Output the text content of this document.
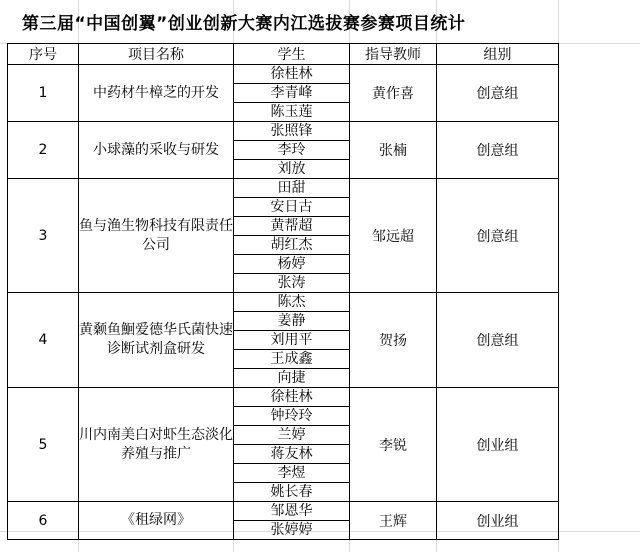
第三届“中国创翼”创业创新大赛内江选拔赛参赛项目统计
序号	项目名称	学生	指导教师	组别
1	中药材牛樟芝的开发	徐桂林	黄作喜	创意组
		李青峰		
		陈玉莲		
2	小球藻的采收与研发	张照锋	张楠	创意组
		李玲		
		刘放		
3	鱼与渔生物科技有限责任公司	田甜	邹远超	创意组
		安日古		
		黄帮超		
		胡红杰		
		杨婷		
		张涛		
4	黄颡鱼鮰爱德华氏菌快速诊断试剂盒研发	陈杰	贺扬	创意组
		姜静		
		刘用平		
		王成鑫		
		向捷		
5	川内南美白对虾生态淡化养殖与推广	徐桂林	李锐	创业组
		钟玲玲		
		兰婷		
		蒋友林		
		李煜		
		姚长春		
6	《租绿网》	邹恩华	王辉	创业组
		张婷婷		
